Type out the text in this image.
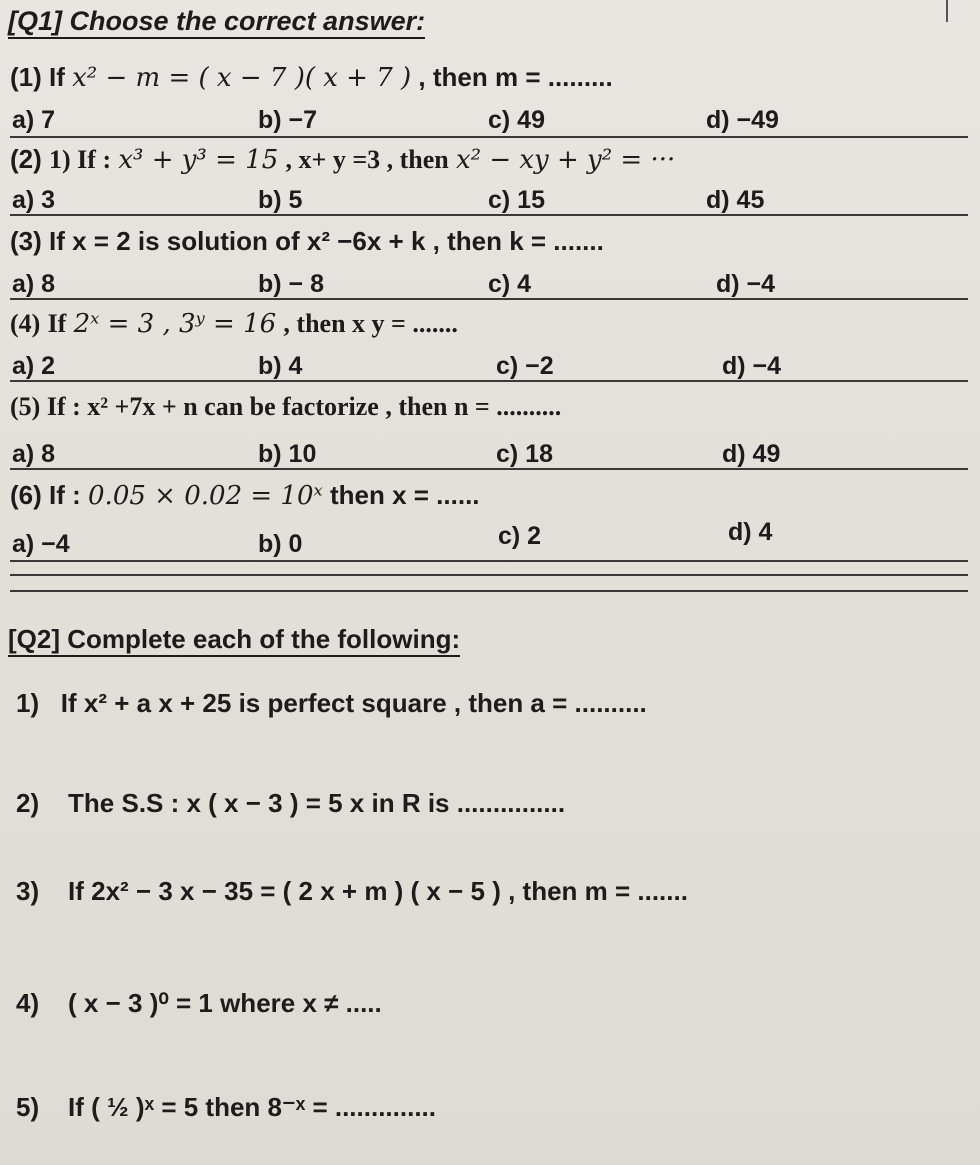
[Q1] Choose the correct answer:
(1) If x² − m = ( x − 7 )( x + 7 ) , then m = .........
a) 7	b) −7	c) 49	d) −49
(2) 1) If : x³ + y³ = 15 , x+ y =3 , then x² − xy + y² = ···
a) 3	b) 5	c) 15	d) 45
(3) If x = 2 is solution of x² −6x + k , then k = .......
a) 8	b) − 8	c) 4	d) −4
(4) If 2ˣ = 3 , 3ʸ = 16 , then x y = .......
a) 2	b) 4	c) −2	d) −4
(5) If : x² +7x + n can be factorize , then n = ..........
a) 8	b) 10	c) 18	d) 49
(6) If : 0.05 × 0.02 = 10ˣ then x = ......
a) −4	b) 0	c) 2	d) 4
[Q2] Complete each of the following:
1) If x² + a x + 25 is perfect square , then a = ..........
2) The S.S : x ( x − 3 ) = 5 x in R is ...............
3) If 2x² − 3 x − 35 = ( 2 x + m ) ( x − 5 ) , then m = .......
4) ( x − 3 )⁰ = 1 where x ≠ .....
5) If ( ½ )ˣ = 5 then 8⁻ˣ = ..............
